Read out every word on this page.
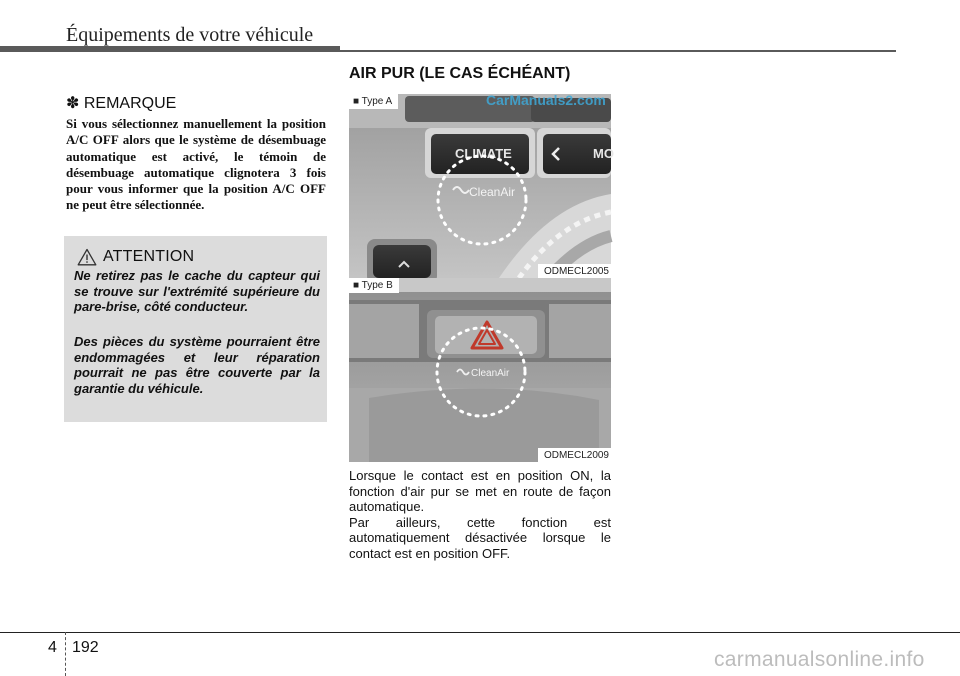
Équipements de votre véhicule
✽ REMARQUE
Si vous sélectionnez manuellement la position A/C OFF alors que le système de désembuage automatique est activé, le témoin de désembuage automatique clignotera 3 fois pour vous informer que la position A/C OFF ne peut être sélectionnée.
ATTENTION
Ne retirez pas le cache du capteur qui se trouve sur l'extrémité supérieure du pare-brise, côté conducteur.
Des pièces du système pourraient être endommagées et leur réparation pourrait ne pas être couverte par la garantie du véhicule.
AIR PUR (LE CAS ÉCHÉANT)
CLIMATE	MO
CleanAir
■ Type A
ODMECL2005
CleanAir
■ Type B
ODMECL2009
CarManuals2.com

Lorsque le contact est en position ON, la fonction d'air pur se met en route de façon automatique.

Par ailleurs, cette fonction est automatiquement désactivée lorsque le contact est en position OFF.

4 192
carmanualsonline.info
